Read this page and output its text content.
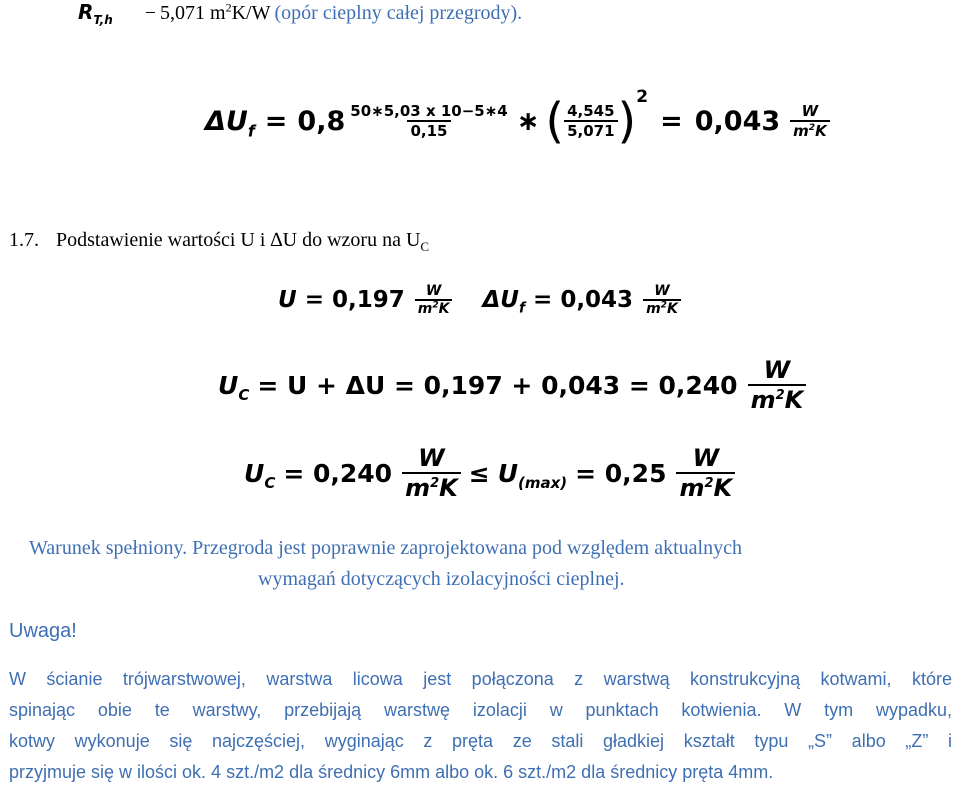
$R_{T,h} - 5,071$ $m^2K/W$ (opór cieplny całej przegrody).
$\Delta U_f = 0,8 \frac{50∗5,03 x 10-5∗4}{0,15}$ ∗ ( $\frac{4,545}{5,071} )^2$
= $0,043 \frac{W}{m^2K}$
1.7. Podstawienie wartości U i ∆U do wzoru na $U_C$
$U = 0,197 \frac{W}{m^2K} \Delta U_f = 0,043 \frac{W}{m^2K}$
$U_C = U + \Delta U = 0,197 + 0,043 = 0,240 \frac{W}{m^2K}$
$U_C = 0,240 \frac{W}{m^2K} \le U_{(max)} = 0,25 \frac{W}{m^2K}$
Warunek spełniony. Przegroda jest poprawnie zaprojektowana pod względem aktualnych
wymagań dotyczących izolacyjności cieplnej.
Uwaga!
W ścianie trójwarstwowej, warstwa licowa jest połączona z warstwą konstrukcyjną kotwami, które
spinając obie te warstwy, przebijają warstwę izolacji w punktach kotwienia. W tym wypadku,
kotwy wykonuje się najczęściej, wyginając z pręta ze stali gładkiej kształt typu „S” albo „Z” i
przyjmuje się w ilości ok. 4 szt./m2 dla średnicy 6mm albo ok. 6 szt./m2 dla średnicy pręta 4mm.
